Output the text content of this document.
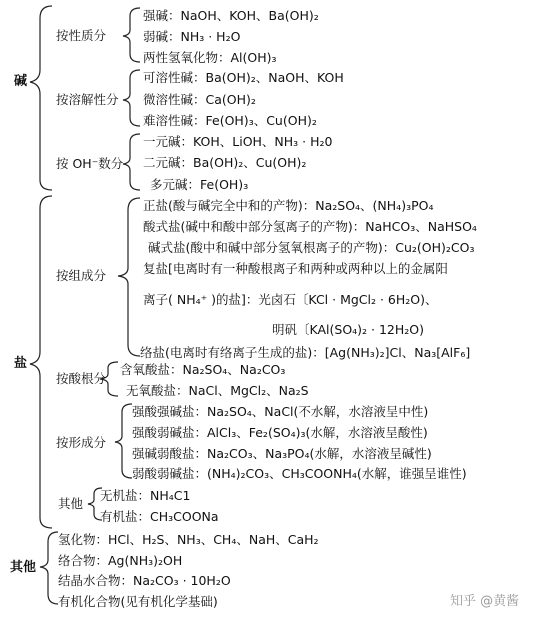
碱
盐
其他
按性质分
强碱：NaOH、KOH、Ba(OH)₂
弱碱：NH₃ · H₂O
两性氢氧化物：Al(OH)₃
按溶解性分
可溶性碱：Ba(OH)₂、NaOH、KOH
微溶性碱：Ca(OH)₂
难溶性碱：Fe(OH)₃、Cu(OH)₂
按 OH⁻数分
一元碱：KOH、LiOH、NH₃ · H₂0
二元碱：Ba(OH)₂、Cu(OH)₂
多元碱：Fe(OH)₃
按组成分
正盐(酸与碱完全中和的产物)：Na₂SO₄、(NH₄)₃PO₄
酸式盐(碱中和酸中部分氢离子的产物)：NaHCO₃、NaHSO₄
碱式盐(酸中和碱中部分氢氧根离子的产物)：Cu₂(OH)₂CO₃
复盐[电离时有一种酸根离子和两种或两种以上的金属阳
离子( NH₄⁺ )的盐]：光卤石〔KCl · MgCl₂ · 6H₂O)、
明矾〔KAl(SO₄)₂ · 12H₂O)
络盐(电离时有络离子生成的盐)：[Ag(NH₃)₂]Cl、Na₃[AlF₆]
按酸根分
含氧酸盐：Na₂SO₄、Na₂CO₃
无氧酸盐：NaCl、MgCl₂、Na₂S
按形成分
强酸强碱盐：Na₂SO₄、NaCl(不水解，水溶液呈中性)
强酸弱碱盐：AlCl₃、Fe₂(SO₄)₃(水解，水溶液呈酸性)
强碱弱酸盐：Na₂CO₃、Na₃PO₄(水解，水溶液呈碱性)
弱酸弱碱盐：(NH₄)₂CO₃、CH₃COONH₄(水解，谁强呈谁性)
其他
无机盐：NH₄C1
有机盐：CH₃COONa
氢化物：HCl、H₂S、NH₃、CH₄、NaH、CaH₂
络合物：Ag(NH₃)₂OH
结晶水合物：Na₂CO₃ · 10H₂O
有机化合物(见有机化学基础)	知乎 @黄酱
